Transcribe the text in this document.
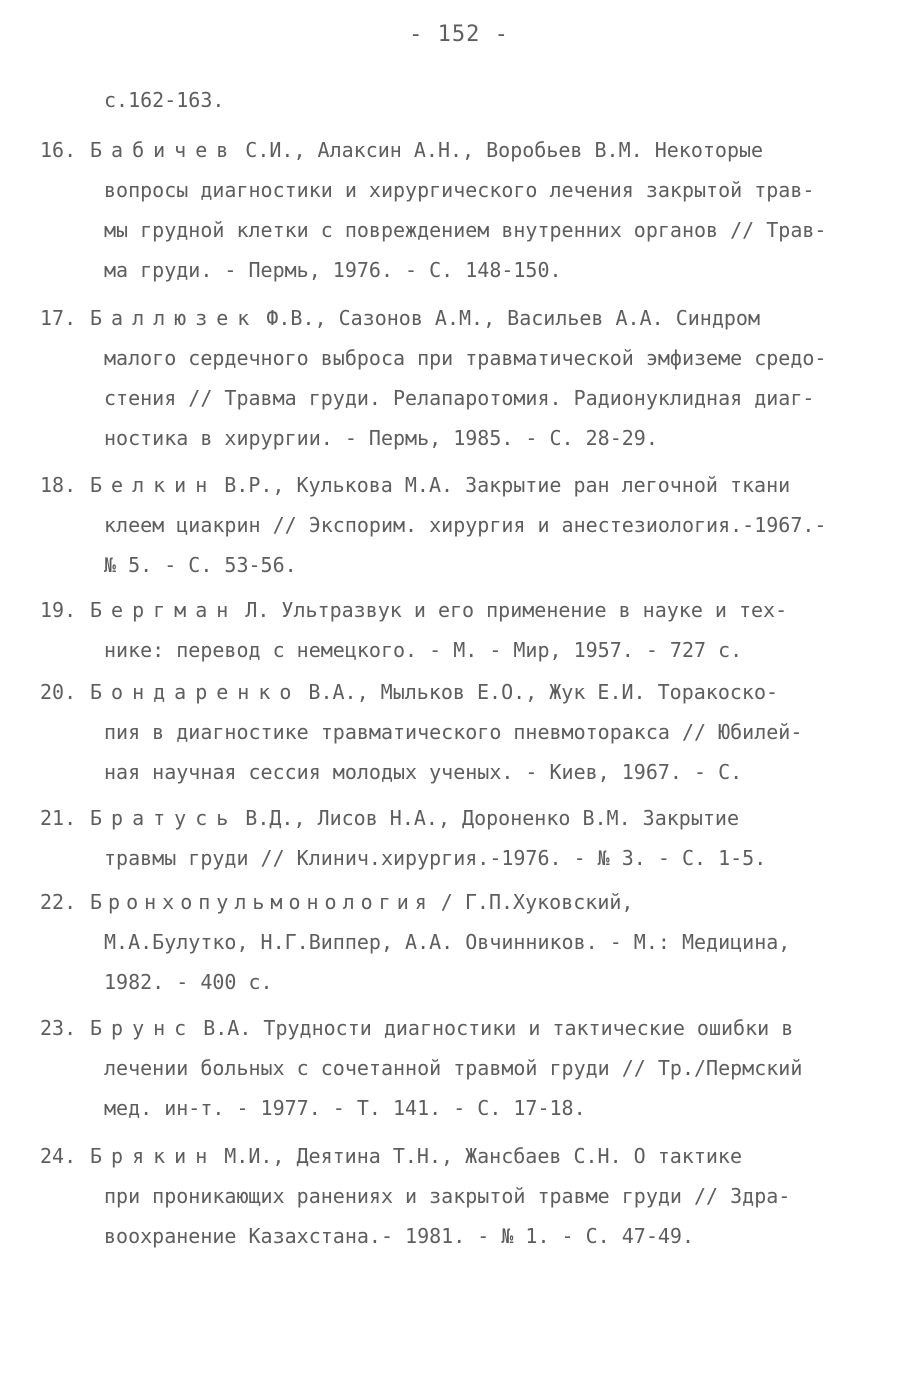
- 152 -
с.162-163.
16. Бабичев С.И., Алаксин А.Н., Воробьев В.М. Некоторые
вопросы диагностики и хирургического лечения закрытой трав-
мы грудной клетки с повреждением внутренних органов // Трав-
ма груди. - Пермь, 1976. - С. 148-150.
17. Баллюзек Ф.В., Сазонов А.М., Васильев А.А. Синдром
малого сердечного выброса при травматической эмфиземе средо-
стения // Травма груди. Релапаротомия. Радионуклидная диаг-
ностика в хирургии. - Пермь, 1985. - С. 28-29.
18. Белкин В.Р., Кулькова М.А. Закрытие ран легочной ткани
клеем циакрин // Экспорим. хирургия и анестезиология.-1967.-
№ 5. - С. 53-56.
19. Бергман Л. Ультразвук и его применение в науке и тех-
нике: перевод с немецкого. - М. - Мир, 1957. - 727 с.
20. Бондаренко В.А., Мыльков Е.О., Жук Е.И. Торакоско-
пия в диагностике травматического пневмоторакса // Юбилей-
ная научная сессия молодых ученых. - Киев, 1967. - С.
21. Братусь В.Д., Лисов Н.А., Дороненко В.М. Закрытие
травмы груди // Клинич.хирургия.-1976. - № 3. - С. 1-5.
22. Бронхопульмонология / Г.П.Хуковский,
М.А.Булутко, Н.Г.Виппер, А.А. Овчинников. - М.: Медицина,
1982. - 400 с.
23. Брунс В.А. Трудности диагностики и тактические ошибки в
лечении больных с сочетанной травмой груди // Тр./Пермский
мед. ин-т. - 1977. - Т. 141. - С. 17-18.
24. Брякин М.И., Деятина Т.Н., Жансбаев С.Н. О тактике
при проникающих ранениях и закрытой травме груди // Здра-
воохранение Казахстана.- 1981. - № 1. - С. 47-49.
